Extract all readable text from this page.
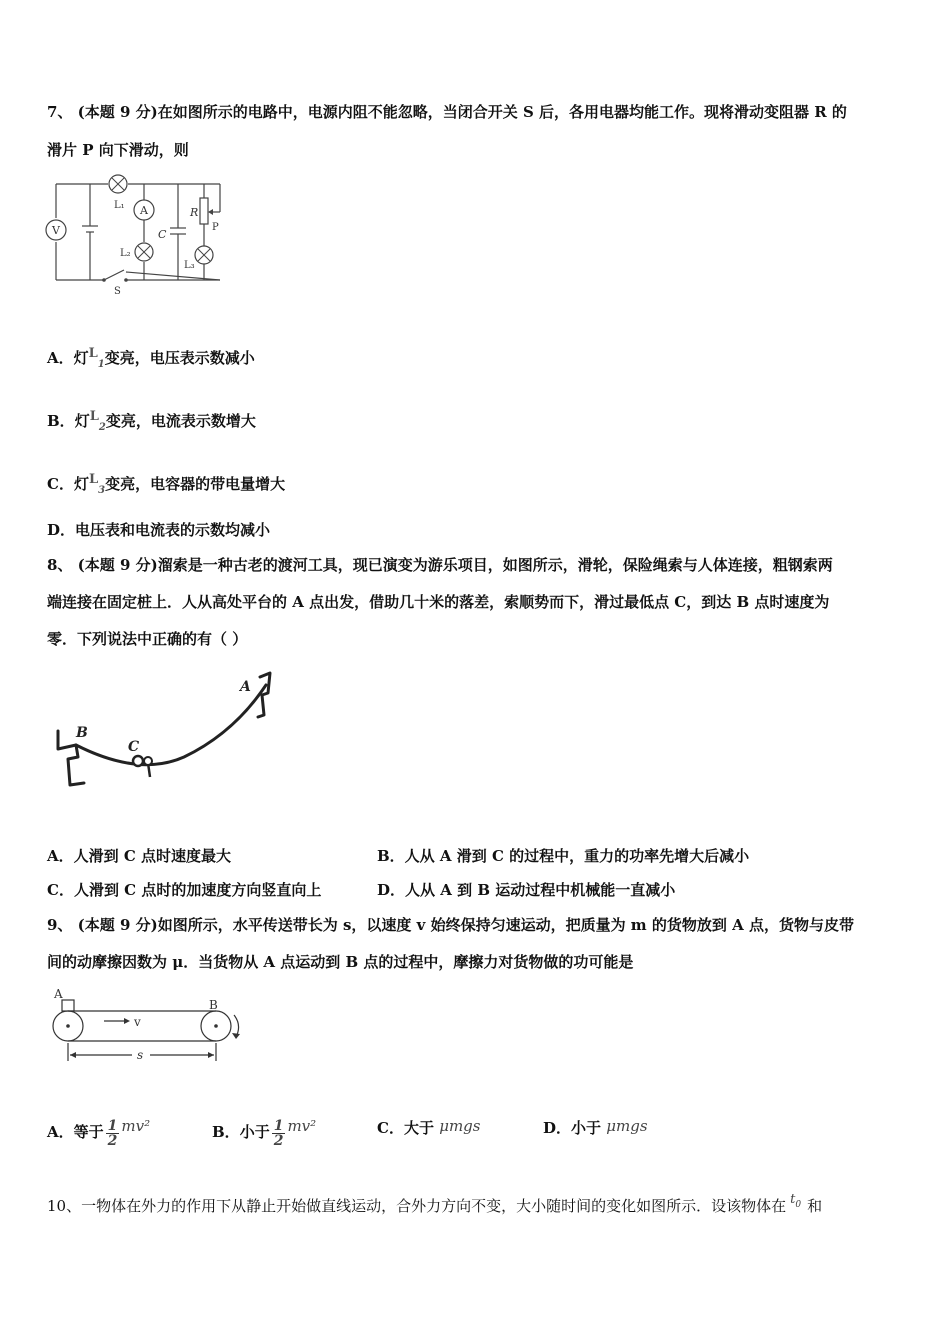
7、 (本题 9 分)在如图所示的电路中，电源内阻不能忽略，当闭合开关 S 后，各用电器均能工作。现将滑动变阻器 R 的
滑片 P 向下滑动，则
V
L₁ A
L₂
L₃
C
R
P
S
A．灯$L_1$变亮，电压表示数减小
B．灯$L_2$变亮，电流表示数增大
C．灯$L_3$变亮，电容器的带电量增大
D．电压表和电流表的示数均减小
8、 (本题 9 分)溜索是一种古老的渡河工具，现已演变为游乐项目，如图所示，滑轮，保险绳索与人体连接，粗钢索两
端连接在固定桩上．人从高处平台的 A 点出发，借助几十米的落差，索顺势而下，滑过最低点 C，到达 B 点时速度为
零．下列说法中正确的有（ ）
A
B
C
A．人滑到 C 点时速度最大	B．人从 A 滑到 C 的过程中，重力的功率先增大后减小
C．人滑到 C 点时的加速度方向竖直向上	D．人从 A 到 B 运动过程中机械能一直减小
9、 (本题 9 分)如图所示，水平传送带长为 s，以速度 v 始终保持匀速运动，把质量为 m 的货物放到 A 点，货物与皮带
间的动摩擦因数为 μ．当货物从 A 点运动到 B 点的过程中，摩擦力对货物做的功可能是
A
B
v
s
A．等于 $\frac{1}{2} mv^2$	B．小于 $\frac{1}{2} mv^2$	C．大于 μmgs	D．小于 μmgs
10、一物体在外力的作用下从静止开始做直线运动，合外力方向不变，大小随时间的变化如图所示．设该物体在 $t^0$ 和
